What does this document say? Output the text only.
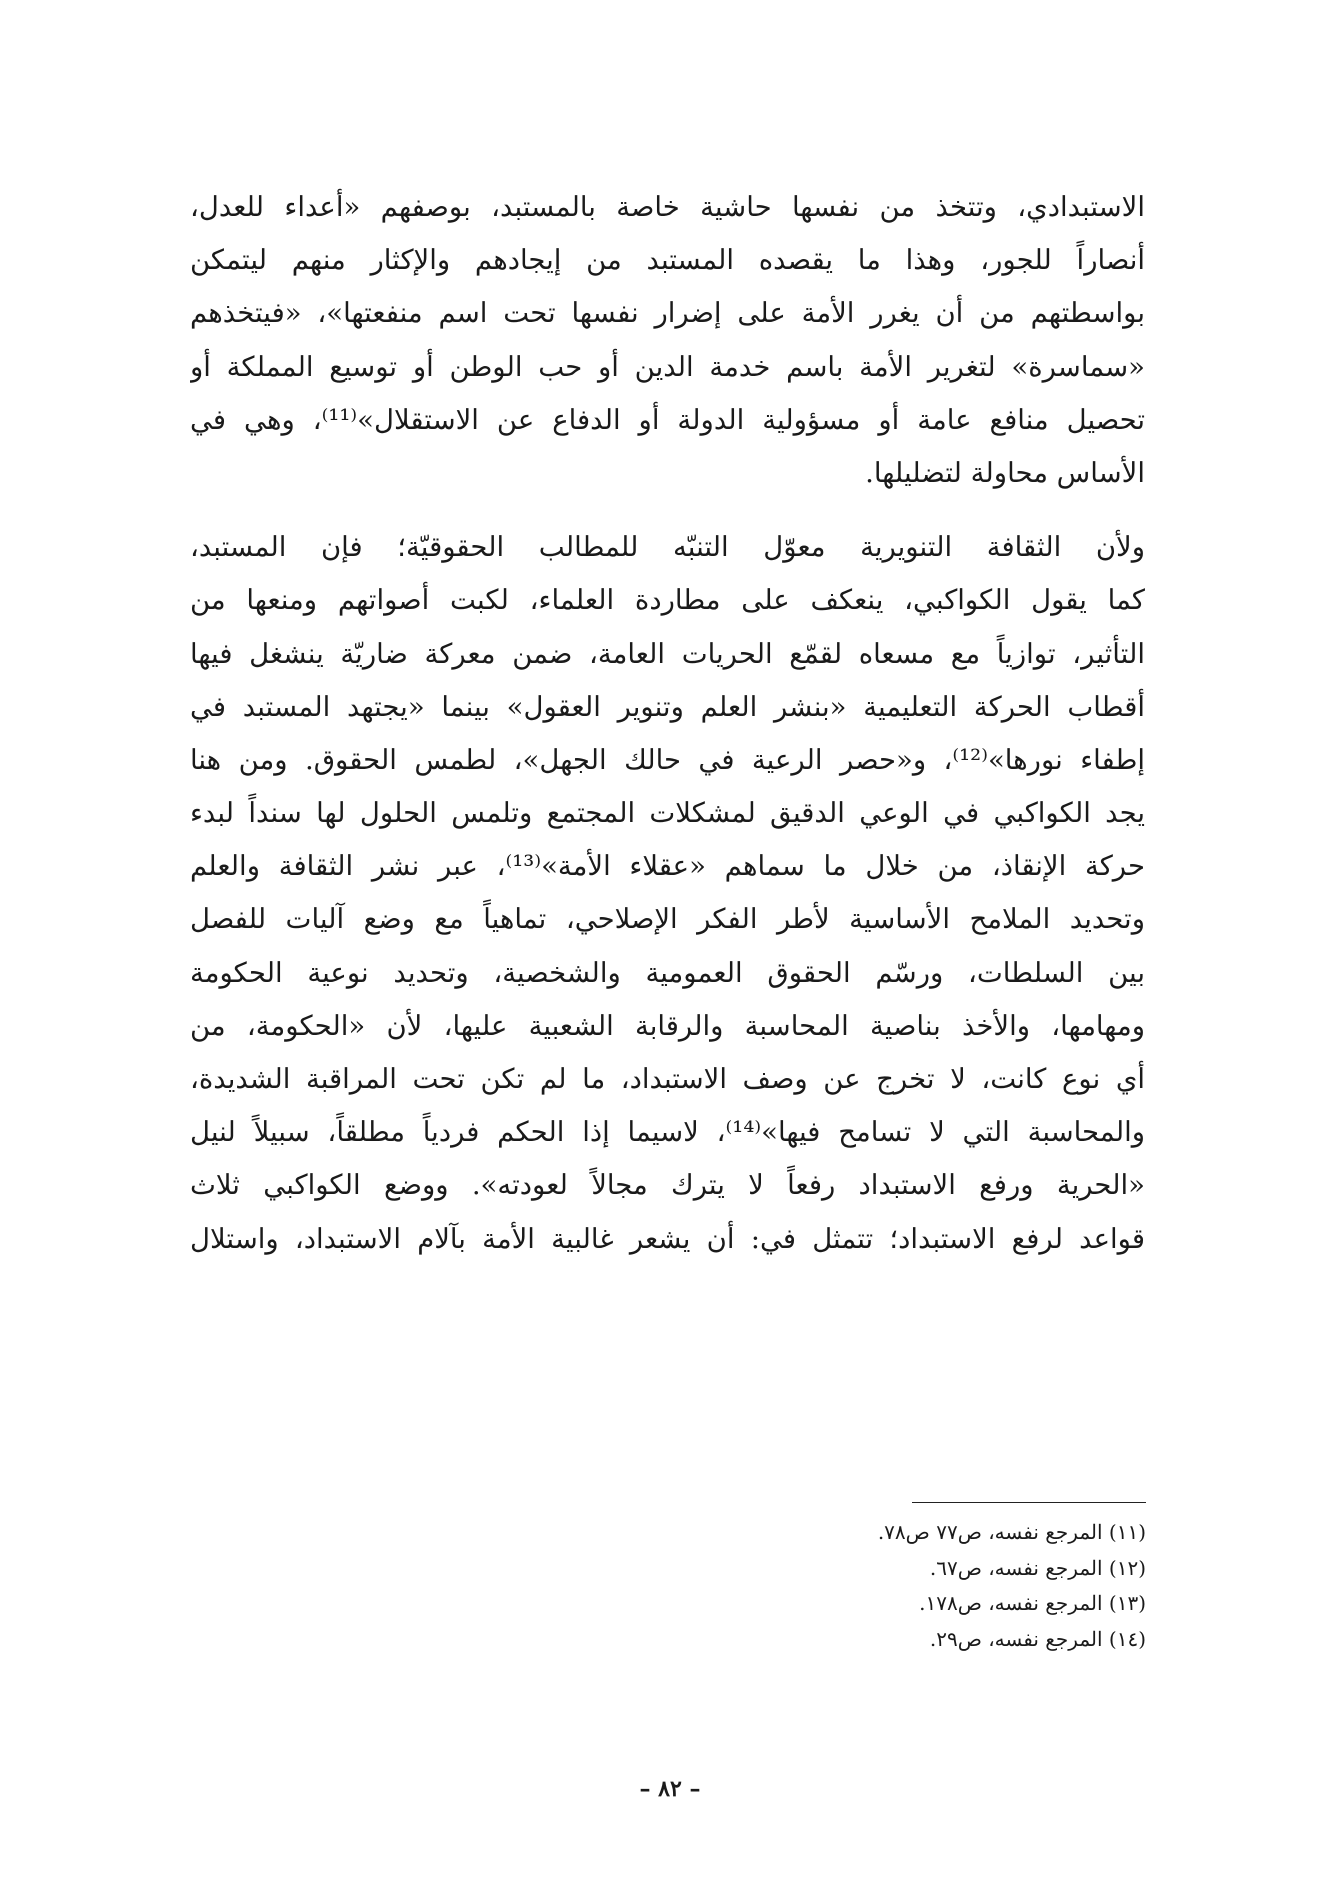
الاستبدادي، وتتخذ من نفسها حاشية خاصة بالمستبد، بوصفهم «أعداء للعدل،
أنصاراً للجور، وهذا ما يقصده المستبد من إيجادهم والإكثار منهم ليتمكن
بواسطتهم من أن يغرر الأمة على إضرار نفسها تحت اسم منفعتها»، «فيتخذهم
«سماسرة» لتغرير الأمة باسم خدمة الدين أو حب الوطن أو توسيع المملكة أو
تحصيل منافع عامة أو مسؤولية الدولة أو الدفاع عن الاستقلال»⁽¹¹⁾، وهي في
الأساس محاولة لتضليلها.
ولأن الثقافة التنويرية معوّل التنبّه للمطالب الحقوقيّة؛ فإن المستبد،
كما يقول الكواكبي، ينعكف على مطاردة العلماء، لكبت أصواتهم ومنعها من
التأثير، توازياً مع مسعاه لقمّع الحريات العامة، ضمن معركة ضاريّة ينشغل فيها
أقطاب الحركة التعليمية «بنشر العلم وتنوير العقول» بينما «يجتهد المستبد في
إطفاء نورها»⁽¹²⁾، و«حصر الرعية في حالك الجهل»، لطمس الحقوق. ومن هنا
يجد الكواكبي في الوعي الدقيق لمشكلات المجتمع وتلمس الحلول لها سنداً لبدء
حركة الإنقاذ، من خلال ما سماهم «عقلاء الأمة»⁽¹³⁾، عبر نشر الثقافة والعلم
وتحديد الملامح الأساسية لأطر الفكر الإصلاحي، تماهياً مع وضع آليات للفصل
بين السلطات، ورسّم الحقوق العمومية والشخصية، وتحديد نوعية الحكومة
ومهامها، والأخذ بناصية المحاسبة والرقابة الشعبية عليها، لأن «الحكومة، من
أي نوع كانت، لا تخرج عن وصف الاستبداد، ما لم تكن تحت المراقبة الشديدة،
والمحاسبة التي لا تسامح فيها»⁽¹⁴⁾، لاسيما إذا الحكم فردياً مطلقاً، سبيلاً لنيل
«الحرية ورفع الاستبداد رفعاً لا يترك مجالاً لعودته». ووضع الكواكبي ثلاث
قواعد لرفع الاستبداد؛ تتمثل في: أن يشعر غالبية الأمة بآلام الاستبداد، واستلال
(١١) المرجع نفسه، ص٧٧ ص٧٨.
(١٢) المرجع نفسه، ص٦٧.
(١٣) المرجع نفسه، ص١٧٨.
(١٤) المرجع نفسه، ص٢٩.
– ٨٢ –
